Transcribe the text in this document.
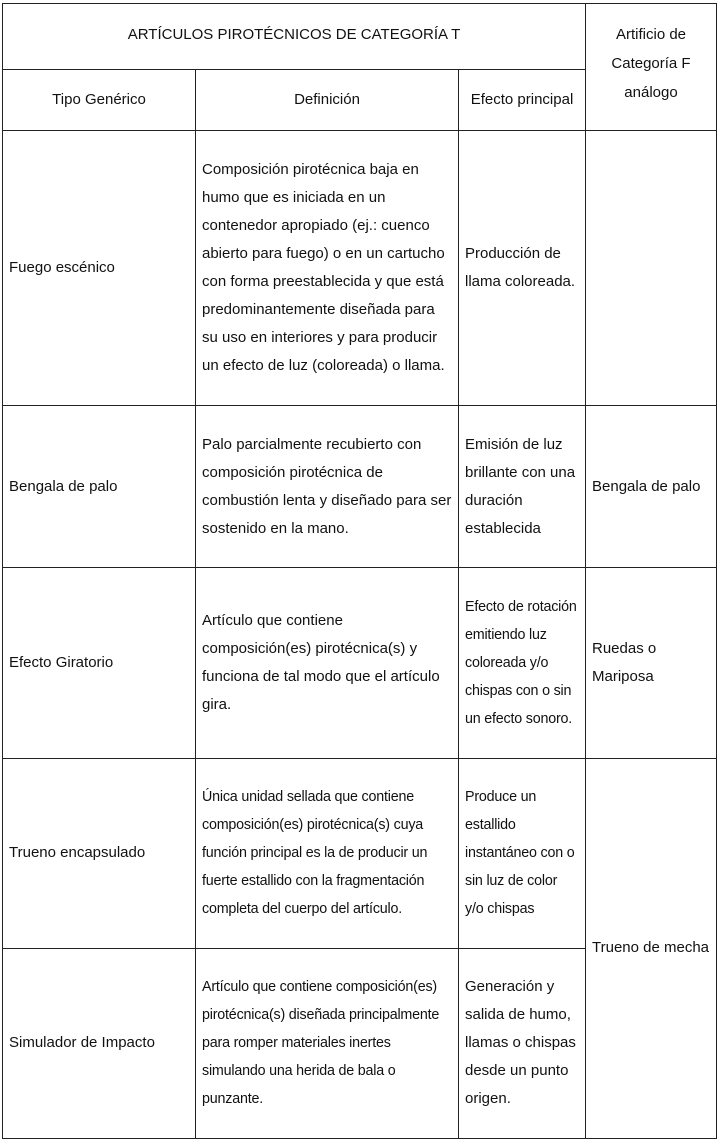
ARTÍCULOS PIROTÉCNICOS DE CATEGORÍA T			Artificio de Categoría F análogo
Tipo Genérico	Definición	Efecto principal	
Fuego escénico	Composición pirotécnica baja en humo que es iniciada en un contenedor apropiado (ej.: cuenco abierto para fuego) o en un cartucho con forma preestablecida y que está predominantemente diseñada para su uso en interiores y para producir un efecto de luz (coloreada) o llama.	Producción de llama coloreada.	
Bengala de palo	Palo parcialmente recubierto con composición pirotécnica de combustión lenta y diseñado para ser sostenido en la mano.	Emisión de luz brillante con una duración establecida	Bengala de palo
Efecto Giratorio	Artículo que contiene composición(es) pirotécnica(s) y funciona de tal modo que el artículo gira.	Efecto de rotación emitiendo luz coloreada y/o chispas con o sin un efecto sonoro.	Ruedas o Mariposa
Trueno encapsulado	Única unidad sellada que contiene composición(es) pirotécnica(s) cuya función principal es la de producir un fuerte estallido con la fragmentación completa del cuerpo del artículo.	Produce un estallido instantáneo con o sin luz de color y/o chispas	Trueno de mecha
Simulador de Impacto	Artículo que contiene composición(es) pirotécnica(s) diseñada principalmente para romper materiales inertes simulando una herida de bala o punzante.	Generación y salida de humo, llamas o chispas desde un punto origen.	
